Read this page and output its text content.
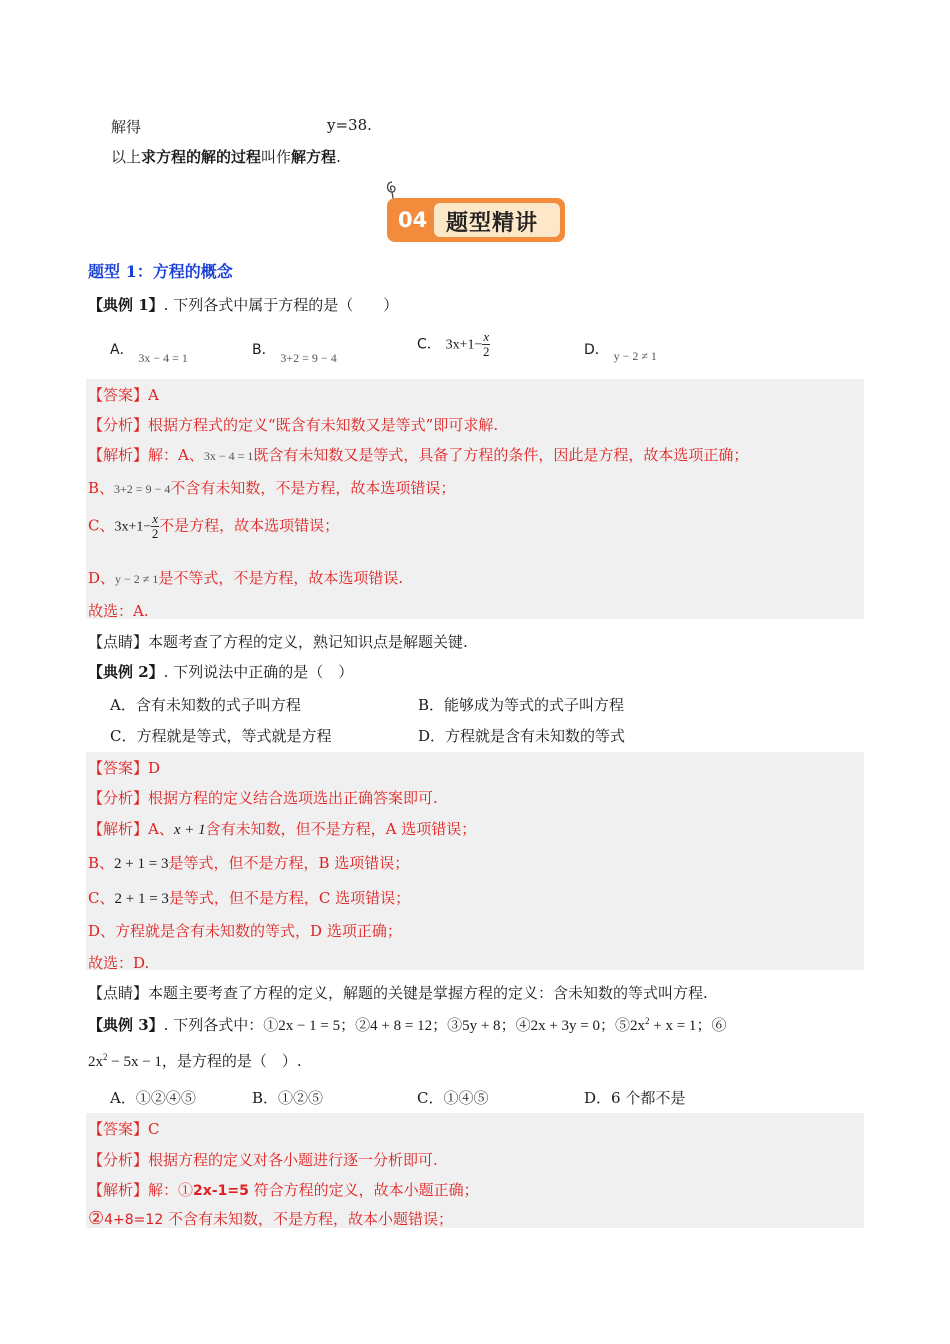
解得	y=38.
以上求方程的解的过程叫作解方程.
04 题型精讲
题型 1：方程的概念
【典例 1】. 下列各式中属于方程的是（　　）
A． $_{3x - 4 = 1}$	B． $_{3+2 = 9 - 4}$
C． $3x+1- \frac{x}{2}$	D． $_{y - 2 \ne 1}$
【答案】A
【分析】根据方程式的定义“既含有未知数又是等式”即可求解.
【解析】解：A、3x − 4 = 1既含有未知数又是等式，具备了方程的条件，因此是方程，故本选项正确；
B、3+2 = 9 − 4不含有未知数，不是方程，故本选项错误；
C、$3x+1- \frac{x}{2}$ 不是方程，故本选项错误；
D、y − 2 ≠ 1是不等式，不是方程，故本选项错误.
故选：A.
【点睛】本题考查了方程的定义，熟记知识点是解题关键.
【典例 2】. 下列说法中正确的是（　）
A．含有未知数的式子叫方程	B．能够成为等式的式子叫方程
C．方程就是等式，等式就是方程	D．方程就是含有未知数的等式
【答案】D
【分析】根据方程的定义结合选项选出正确答案即可.
【解析】A、x + 1含有未知数，但不是方程，A 选项错误；
B、2 + 1 = 3是等式，但不是方程，B 选项错误；
C、2 + 1 = 3是等式，但不是方程，C 选项错误；
D、方程就是含有未知数的等式，D 选项正确；
故选：D.
【点睛】本题主要考查了方程的定义，解题的关键是掌握方程的定义：含未知数的等式叫方程.
【典例 3】. 下列各式中：①2x − 1 = 5；②4 + 8 = 12；③5y + 8；④2x + 3y = 0；$⑤2x^2 + x = 1$；⑥
$2x^2 - 5x - 1$，是方程的是（　）.
A．①②④⑤	B．①②⑤	C．①④⑤	D．6 个都不是
【答案】C
【分析】根据方程的定义对各小题进行逐一分析即可.
【解析】解：①2x-1=5 符合方程的定义，故本小题正确；
②4+8=12 不含有未知数，不是方程，故本小题错误；
